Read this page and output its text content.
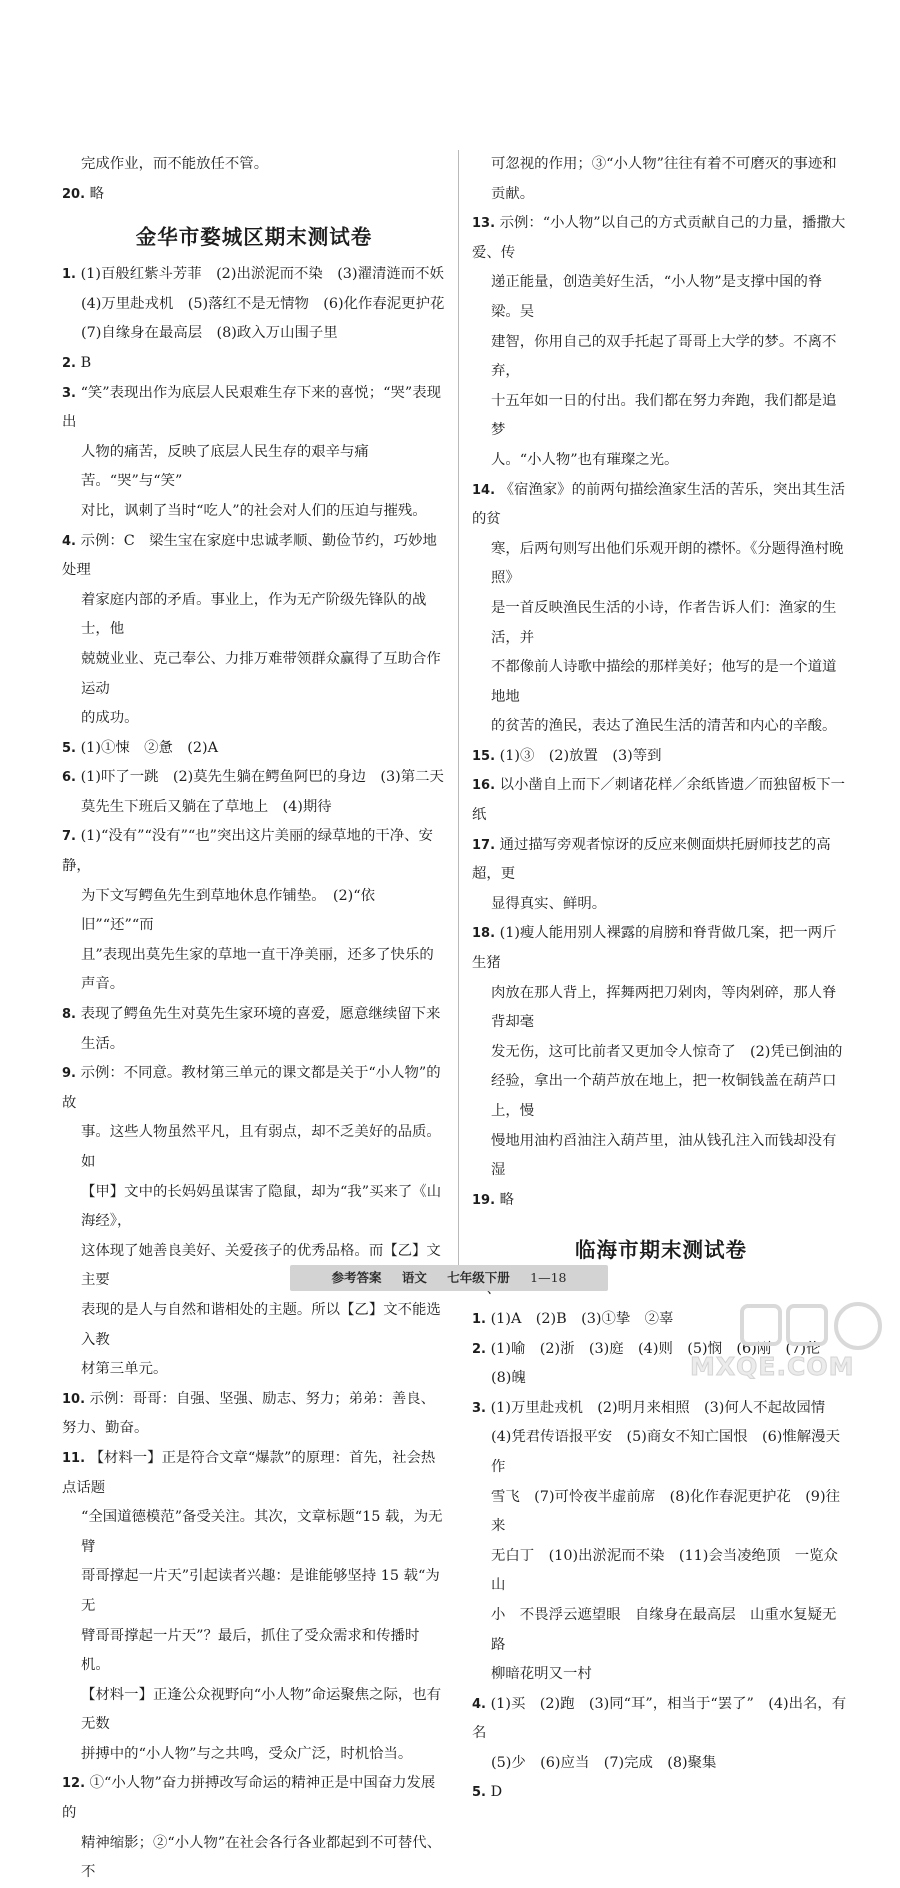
完成作业，而不能放任不管。

20. 略

金华市婺城区期末测试卷

1. (1)百般红紫斗芳菲　(2)出淤泥而不染　(3)濯清涟而不妖

(4)万里赴戎机　(5)落红不是无情物　(6)化作春泥更护花

(7)自缘身在最高层　(8)政入万山围子里

2. B

3. “笑”表现出作为底层人民艰难生存下来的喜悦；“哭”表现出

人物的痛苦，反映了底层人民生存的艰辛与痛苦。“哭”与“笑”

对比，讽刺了当时“吃人”的社会对人们的压迫与摧残。

4. 示例：C　梁生宝在家庭中忠诚孝顺、勤俭节约，巧妙地处理

着家庭内部的矛盾。事业上，作为无产阶级先锋队的战士，他

兢兢业业、克己奉公、力排万难带领群众赢得了互助合作运动

的成功。

5. (1)①悚　②惫　(2)A

6. (1)吓了一跳　(2)莫先生躺在鳄鱼阿巴的身边　(3)第二天

莫先生下班后又躺在了草地上　(4)期待

7. (1)“没有”“没有”“也”突出这片美丽的绿草地的干净、安静，

为下文写鳄鱼先生到草地休息作铺垫。　(2)“依旧”“还”“而

且”表现出莫先生家的草地一直干净美丽，还多了快乐的

声音。

8. 表现了鳄鱼先生对莫先生家环境的喜爱，愿意继续留下来

生活。

9. 示例：不同意。教材第三单元的课文都是关于“小人物”的故

事。这些人物虽然平凡，且有弱点，却不乏美好的品质。如

【甲】文中的长妈妈虽谋害了隐鼠，却为“我”买来了《山海经》，

这体现了她善良美好、关爱孩子的优秀品格。而【乙】文主要

表现的是人与自然和谐相处的主题。所以【乙】文不能选入教

材第三单元。

10. 示例：哥哥：自强、坚强、励志、努力；弟弟：善良、努力、勤奋。

11. 【材料一】正是符合文章“爆款”的原理：首先，社会热点话题

“全国道德模范”备受关注。其次，文章标题“15 载，为无臂

哥哥撑起一片天”引起读者兴趣：是谁能够坚持 15 载“为无

臂哥哥撑起一片天”？最后，抓住了受众需求和传播时机。

【材料一】正逢公众视野向“小人物”命运聚焦之际，也有无数

拼搏中的“小人物”与之共鸣，受众广泛，时机恰当。

12. ①“小人物”奋力拼搏改写命运的精神正是中国奋力发展的

精神缩影；②“小人物”在社会各行各业都起到不可替代、不

可忽视的作用；③“小人物”往往有着不可磨灭的事迹和

贡献。

13. 示例：“小人物”以自己的方式贡献自己的力量，播撒大爱、传

递正能量，创造美好生活，“小人物”是支撑中国的脊梁。吴

建智，你用自己的双手托起了哥哥上大学的梦。不离不弃，

十五年如一日的付出。我们都在努力奔跑，我们都是追梦

人。“小人物”也有璀璨之光。

14. 《宿渔家》的前两句描绘渔家生活的苦乐，突出其生活的贫

寒，后两句则写出他们乐观开朗的襟怀。《分题得渔村晚照》

是一首反映渔民生活的小诗，作者告诉人们：渔家的生活，并

不都像前人诗歌中描绘的那样美好；他写的是一个道道地地

的贫苦的渔民，表达了渔民生活的清苦和内心的辛酸。

15. (1)③　(2)放置　(3)等到

16. 以小凿自上而下／刺诸花样／余纸皆遗／而独留板下一纸

17. 通过描写旁观者惊讶的反应来侧面烘托厨师技艺的高超，更

显得真实、鲜明。

18. (1)瘦人能用别人裸露的肩膀和脊背做几案，把一两斤生猪

肉放在那人背上，挥舞两把刀剁肉，等肉剁碎，那人脊背却毫

发无伤，这可比前者又更加令人惊奇了　(2)凭已倒油的

经验，拿出一个葫芦放在地上，把一枚铜钱盖在葫芦口上，慢

慢地用油杓舀油注入葫芦里，油从钱孔注入而钱却没有湿

19. 略

临海市期末测试卷

1. (1)A　(2)B　(3)①挚　②辜

2. (1)喻　(2)浙　(3)庭　(4)则　(5)悯　(6)刚　(7)伦

(8)魄

3. (1)万里赴戎机　(2)明月来相照　(3)何人不起故园情

(4)凭君传语报平安　(5)商女不知亡国恨　(6)惟解漫天作

雪飞　(7)可怜夜半虚前席　(8)化作春泥更护花　(9)往来

无白丁　(10)出淤泥而不染　(11)会当凌绝顶　一览众山

小　不畏浮云遮望眼　自缘身在最高层　山重水复疑无路

柳暗花明又一村

4. (1)买　(2)跑　(3)同“耳”，相当于“罢了”　(4)出名，有名

(5)少　(6)应当　(7)完成　(8)聚集

5. D

参考答案 语文 七年级下册 1—18
MXQE.COM
